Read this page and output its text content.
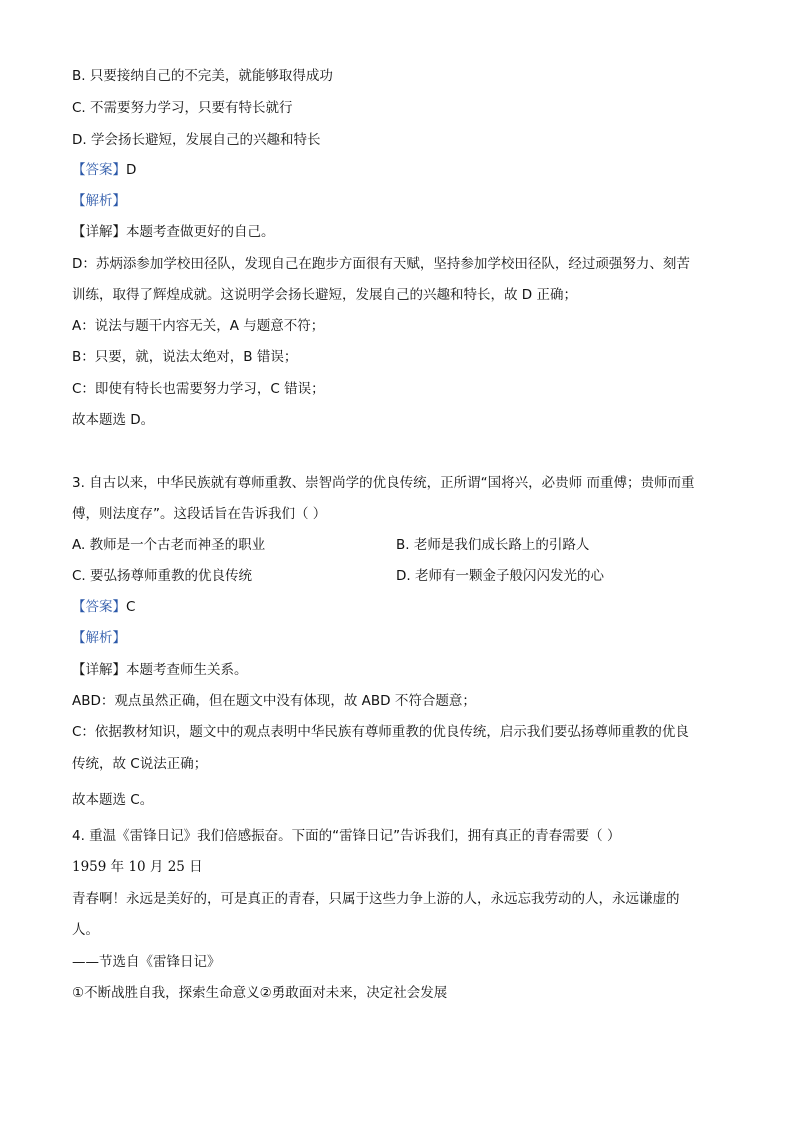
B. 只要接纳自己的不完美，就能够取得成功
C. 不需要努力学习，只要有特长就行
D. 学会扬长避短，发展自己的兴趣和特长
【答案】D
【解析】
【详解】本题考查做更好的自己。
D：苏炳添参加学校田径队，发现自己在跑步方面很有天赋，坚持参加学校田径队，经过顽强努力、刻苦
训练，取得了辉煌成就。这说明学会扬长避短，发展自己的兴趣和特长，故 D 正确；
A：说法与题干内容无关，A 与题意不符；
B：只要，就，说法太绝对，B 错误；
C：即使有特长也需要努力学习，C 错误；
故本题选 D。
3. 自古以来，中华民族就有尊师重教、崇智尚学的优良传统，正所谓“国将兴，必贵师 而重傅；贵师而重
傅，则法度存”。这段话旨在告诉我们（ ）
A. 教师是一个古老而神圣的职业	B. 老师是我们成长路上的引路人
C. 要弘扬尊师重教的优良传统	D. 老师有一颗金子般闪闪发光的心
【答案】C
【解析】
【详解】本题考查师生关系。
ABD：观点虽然正确，但在题文中没有体现，故 ABD 不符合题意；
C：依据教材知识，题文中的观点表明中华民族有尊师重教的优良传统，启示我们要弘扬尊师重教的优良
传统，故 C说法正确；
故本题选 C。
4. 重温《雷锋日记》我们倍感振奋。下面的“雷锋日记”告诉我们，拥有真正的青春需要（ ）
1959 年 10 月 25 日
青春啊！永远是美好的，可是真正的青春，只属于这些力争上游的人，永远忘我劳动的人，永远谦虚的
人。
——节选自《雷锋日记》
①不断战胜自我，探索生命意义②勇敢面对未来，决定社会发展
